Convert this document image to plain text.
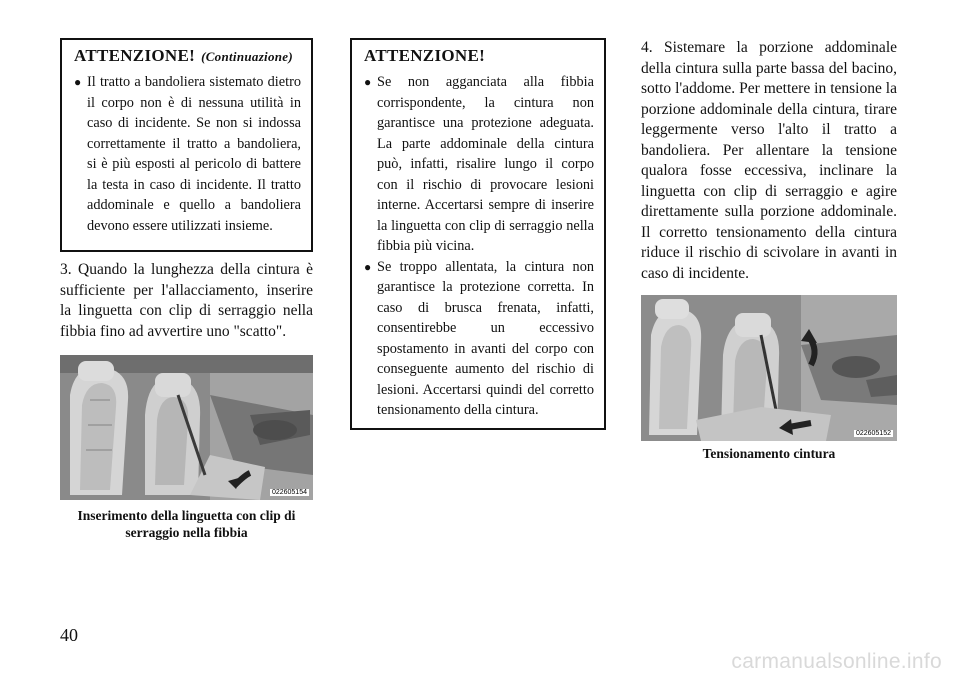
ATTENZIONE! (Continuazione)
● Il tratto a bandoliera sistemato dietro il corpo non è di nessuna utilità in caso di incidente. Se non si indossa correttamente il tratto a bandoliera, si è più esposti al pericolo di battere la testa in caso di incidente. Il tratto addominale e quello a bandoliera devono essere utilizzati insieme.

3. Quando la lunghezza della cintura è sufficiente per l'allacciamento, inserire la linguetta con clip di serraggio nella fibbia fino ad avvertire uno "scatto".

022605154
Inserimento della linguetta con clip di serraggio nella fibbia
ATTENZIONE!
● Se non agganciata alla fibbia corrispondente, la cintura non garantisce una protezione adeguata. La parte addominale della cintura può, infatti, risalire lungo il corpo con il rischio di provocare lesioni interne. Accertarsi sempre di inserire la linguetta con clip di serraggio nella fibbia più vicina.
● Se troppo allentata, la cintura non garantisce la protezione corretta. In caso di brusca frenata, infatti, consentirebbe un eccessivo spostamento in avanti del corpo con conseguente aumento del rischio di lesioni. Accertarsi quindi del corretto tensionamento della cintura.

4. Sistemare la porzione addominale della cintura sulla parte bassa del bacino, sotto l'addome. Per mettere in tensione la porzione addominale della cintura, tirare leggermente verso l'alto il tratto a bandoliera. Per allentare la tensione qualora fosse eccessiva, inclinare la linguetta con clip di serraggio e agire direttamente sulla porzione addominale. Il corretto tensionamento della cintura riduce il rischio di scivolare in avanti in caso di incidente.

022605152
Tensionamento cintura
40
carmanualsonline.info
